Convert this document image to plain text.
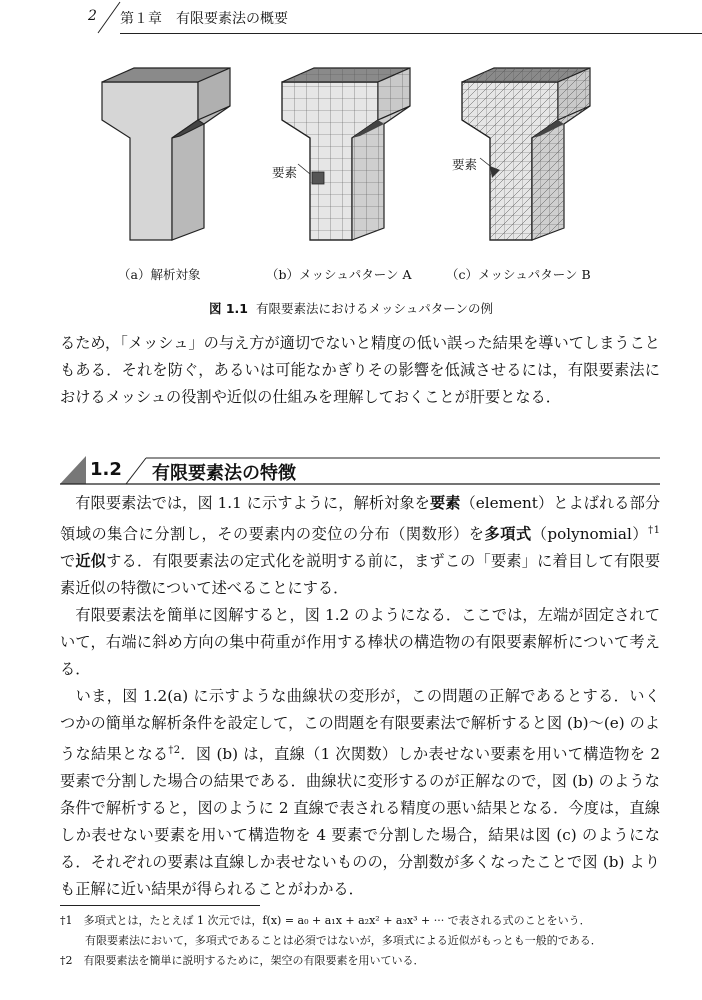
2 第１章　有限要素法の概要
要素
要素
（a）解析対象	（b）メッシュパターン A	（c）メッシュパターン B
図 1.1 有限要素法におけるメッシュパターンの例

るため，「メッシュ」の与え方が適切でないと精度の低い誤った結果を導いてしまうこともある．それを防ぐ，あるいは可能なかぎりその影響を低減させるには，有限要素法におけるメッシュの役割や近似の仕組みを理解しておくことが肝要となる．

1.2 有限要素法の特徴

　有限要素法では，図 1.1 に示すように，解析対象を要素（element）とよばれる部分領域の集合に分割し，その要素内の変位の分布（関数形）を多項式（polynomial）$^{\dagger 1}$ で近似する．有限要素法の定式化を説明する前に，まずこの「要素」に着目して有限要素近似の特徴について述べることにする．

　有限要素法を簡単に図解すると，図 1.2 のようになる．ここでは，左端が固定されていて，右端に斜め方向の集中荷重が作用する棒状の構造物の有限要素解析について考える．

　いま，図 1.2(a) に示すような曲線状の変形が，この問題の正解であるとする．いくつかの簡単な解析条件を設定して，この問題を有限要素法で解析すると図 (b)〜(e) のような結果となる$^{\dagger 2}$．図 (b) は，直線（1 次関数）しか表せない要素を用いて構造物を 2 要素で分割した場合の結果である．曲線状に変形するのが正解なので，図 (b) のような条件で解析すると，図のように 2 直線で表される精度の悪い結果となる．今度は，直線しか表せない要素を用いて構造物を 4 要素で分割した場合，結果は図 (c) のようになる．それぞれの要素は直線しか表せないものの，分割数が多くなったことで図 (b) よりも正解に近い結果が得られることがわかる．

†1　 多項式とは，たとえば 1 次元では，f(x) = a₀ + a₁x + a₂x² + a₃x³ + ··· で表される式のことをいう．

　有限要素法において，多項式であることは必須ではないが，多項式による近似がもっとも一般的である．

†2　 有限要素法を簡単に説明するために，架空の有限要素を用いている．
